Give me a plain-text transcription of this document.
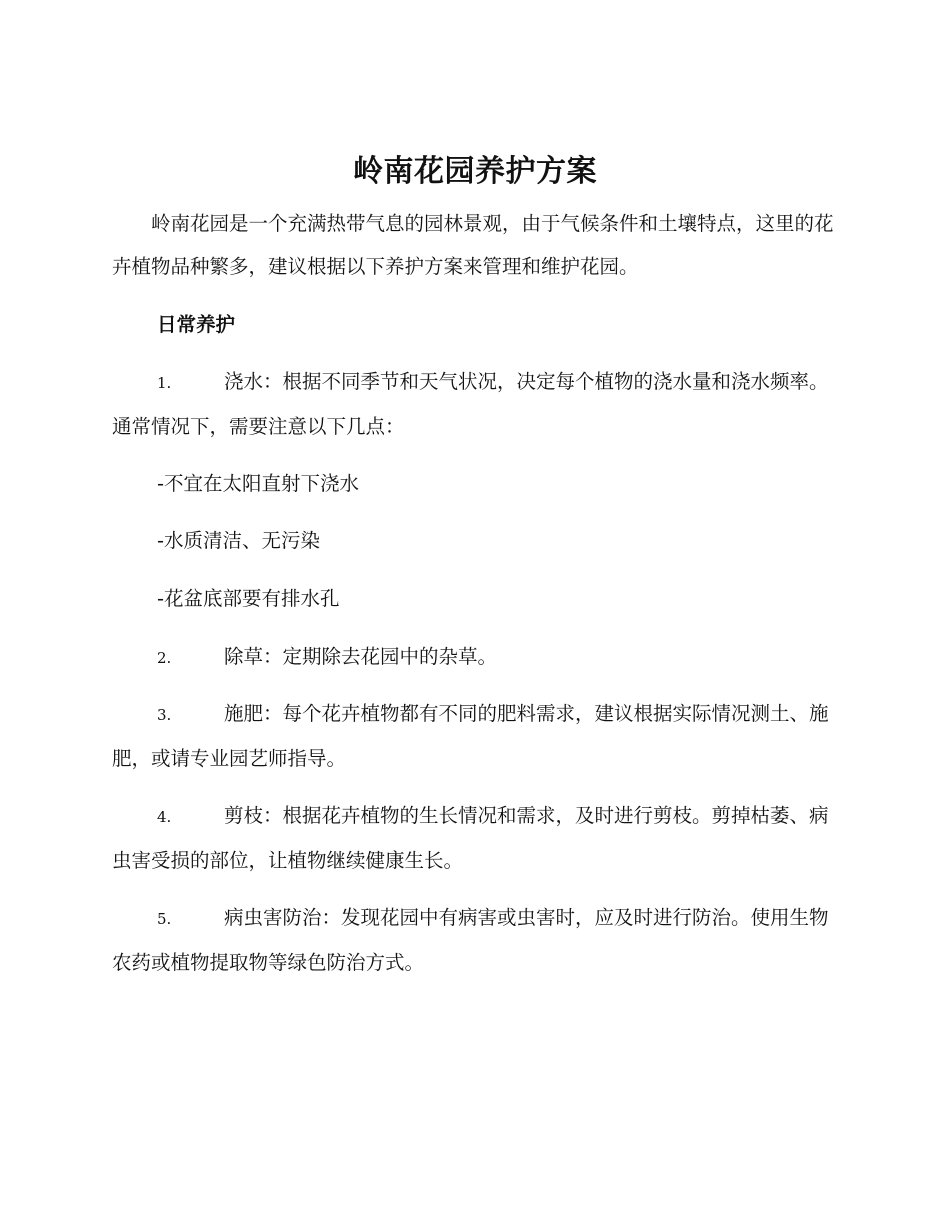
岭南花园养护方案
岭南花园是一个充满热带气息的园林景观，由于气候条件和土壤特点，这里的花卉植物品种繁多，建议根据以下养护方案来管理和维护花园。
日常养护
1.	浇水：根据不同季节和天气状况，决定每个植物的浇水量和浇水频率。通常情况下，需要注意以下几点：
-不宜在太阳直射下浇水
-水质清洁、无污染
-花盆底部要有排水孔
2.	除草：定期除去花园中的杂草。
3.	施肥：每个花卉植物都有不同的肥料需求，建议根据实际情况测土、施肥，或请专业园艺师指导。
4.	剪枝：根据花卉植物的生长情况和需求，及时进行剪枝。剪掉枯萎、病虫害受损的部位，让植物继续健康生长。
5.	病虫害防治：发现花园中有病害或虫害时，应及时进行防治。使用生物农药或植物提取物等绿色防治方式。
